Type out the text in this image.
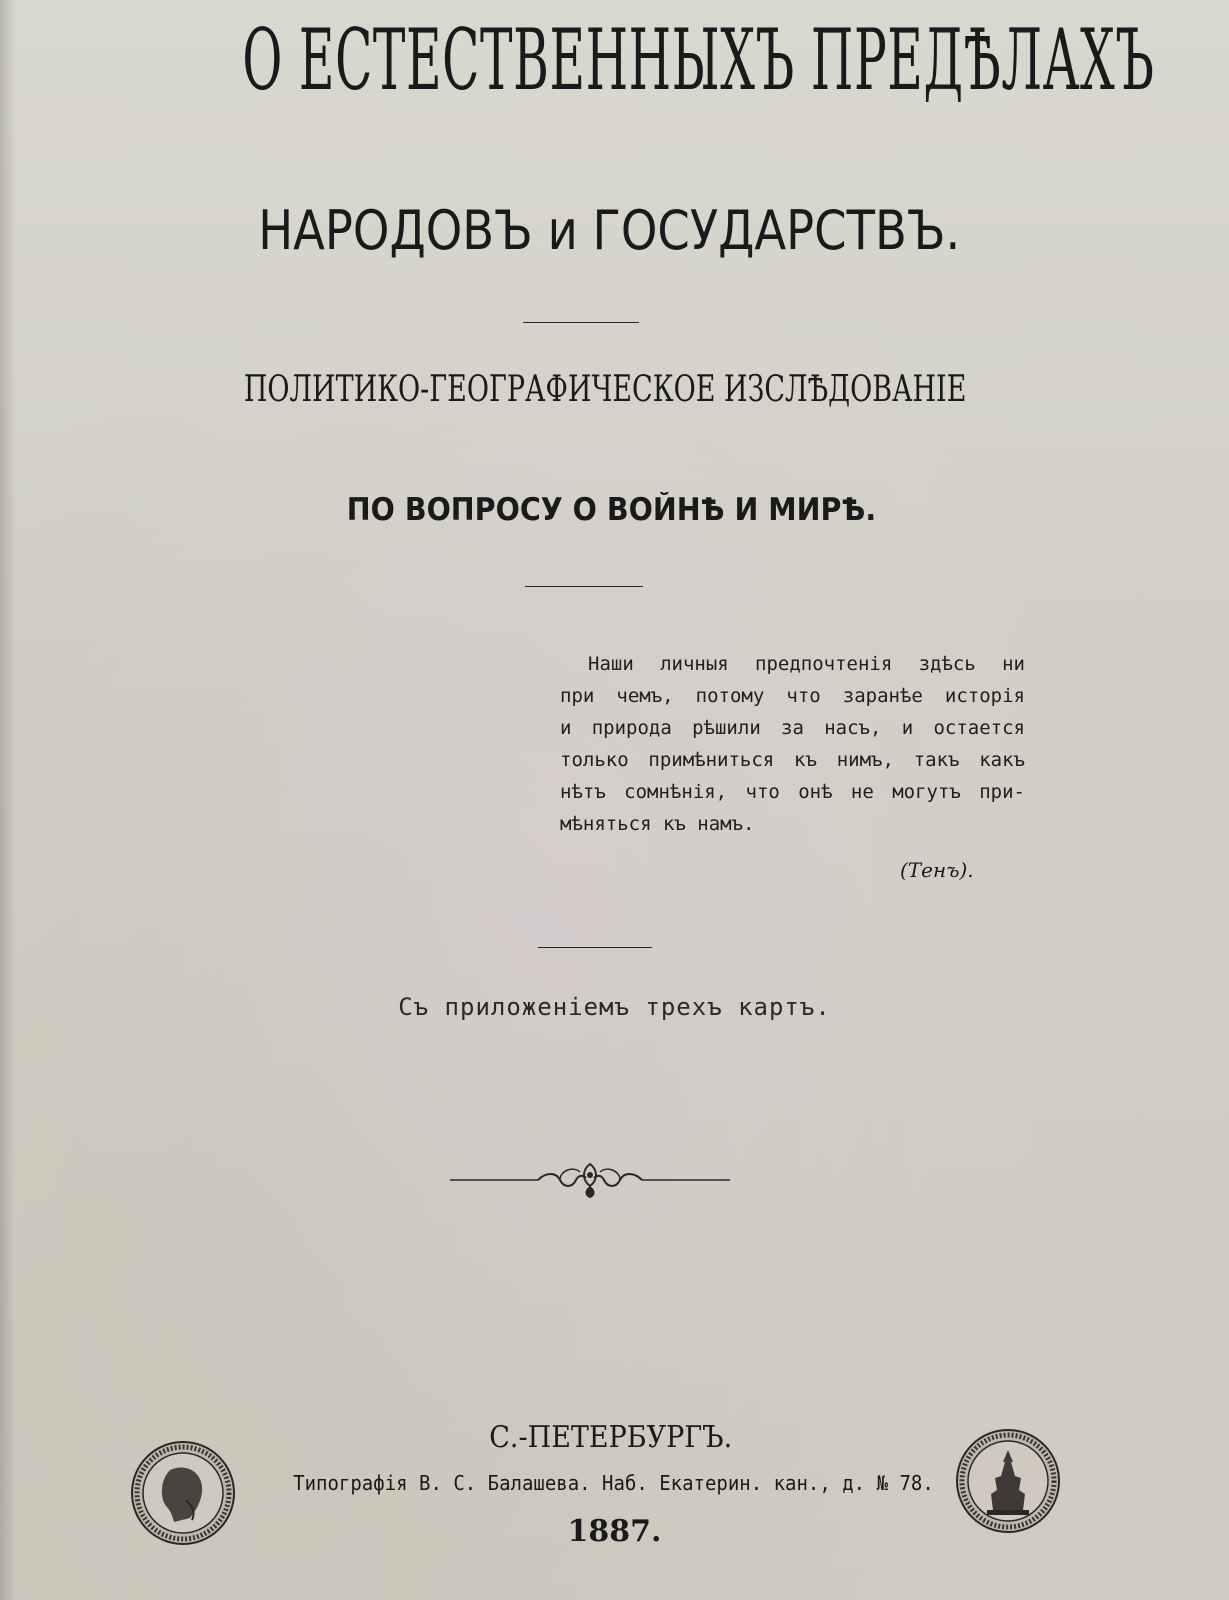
О ЕСТЕСТВЕННЫХЪ ПРЕДѢЛАХЪ
НАРОДОВЪ и ГОСУДАРСТВЪ.
ПОЛИТИКО-ГЕОГРАФИЧЕСКОЕ ИЗСЛѢДОВАНІЕ
ПО ВОПРОСУ О ВОЙНѢ И МИРѢ.
Наши личныя предпочтенія здѣсь ни
при чемъ, потому что заранѣе исторія
и природа рѣшили за насъ, и остается
только примѣниться къ нимъ, такъ какъ
нѣтъ сомнѣнія, что онѣ не могутъ при-
мѣняться къ намъ.
(Тенъ).
Съ приложеніемъ трехъ картъ.
С.-ПЕТЕРБУРГЪ.
Типографія В. С. Балашева. Наб. Екатерин. кан., д. № 78.
1887.
